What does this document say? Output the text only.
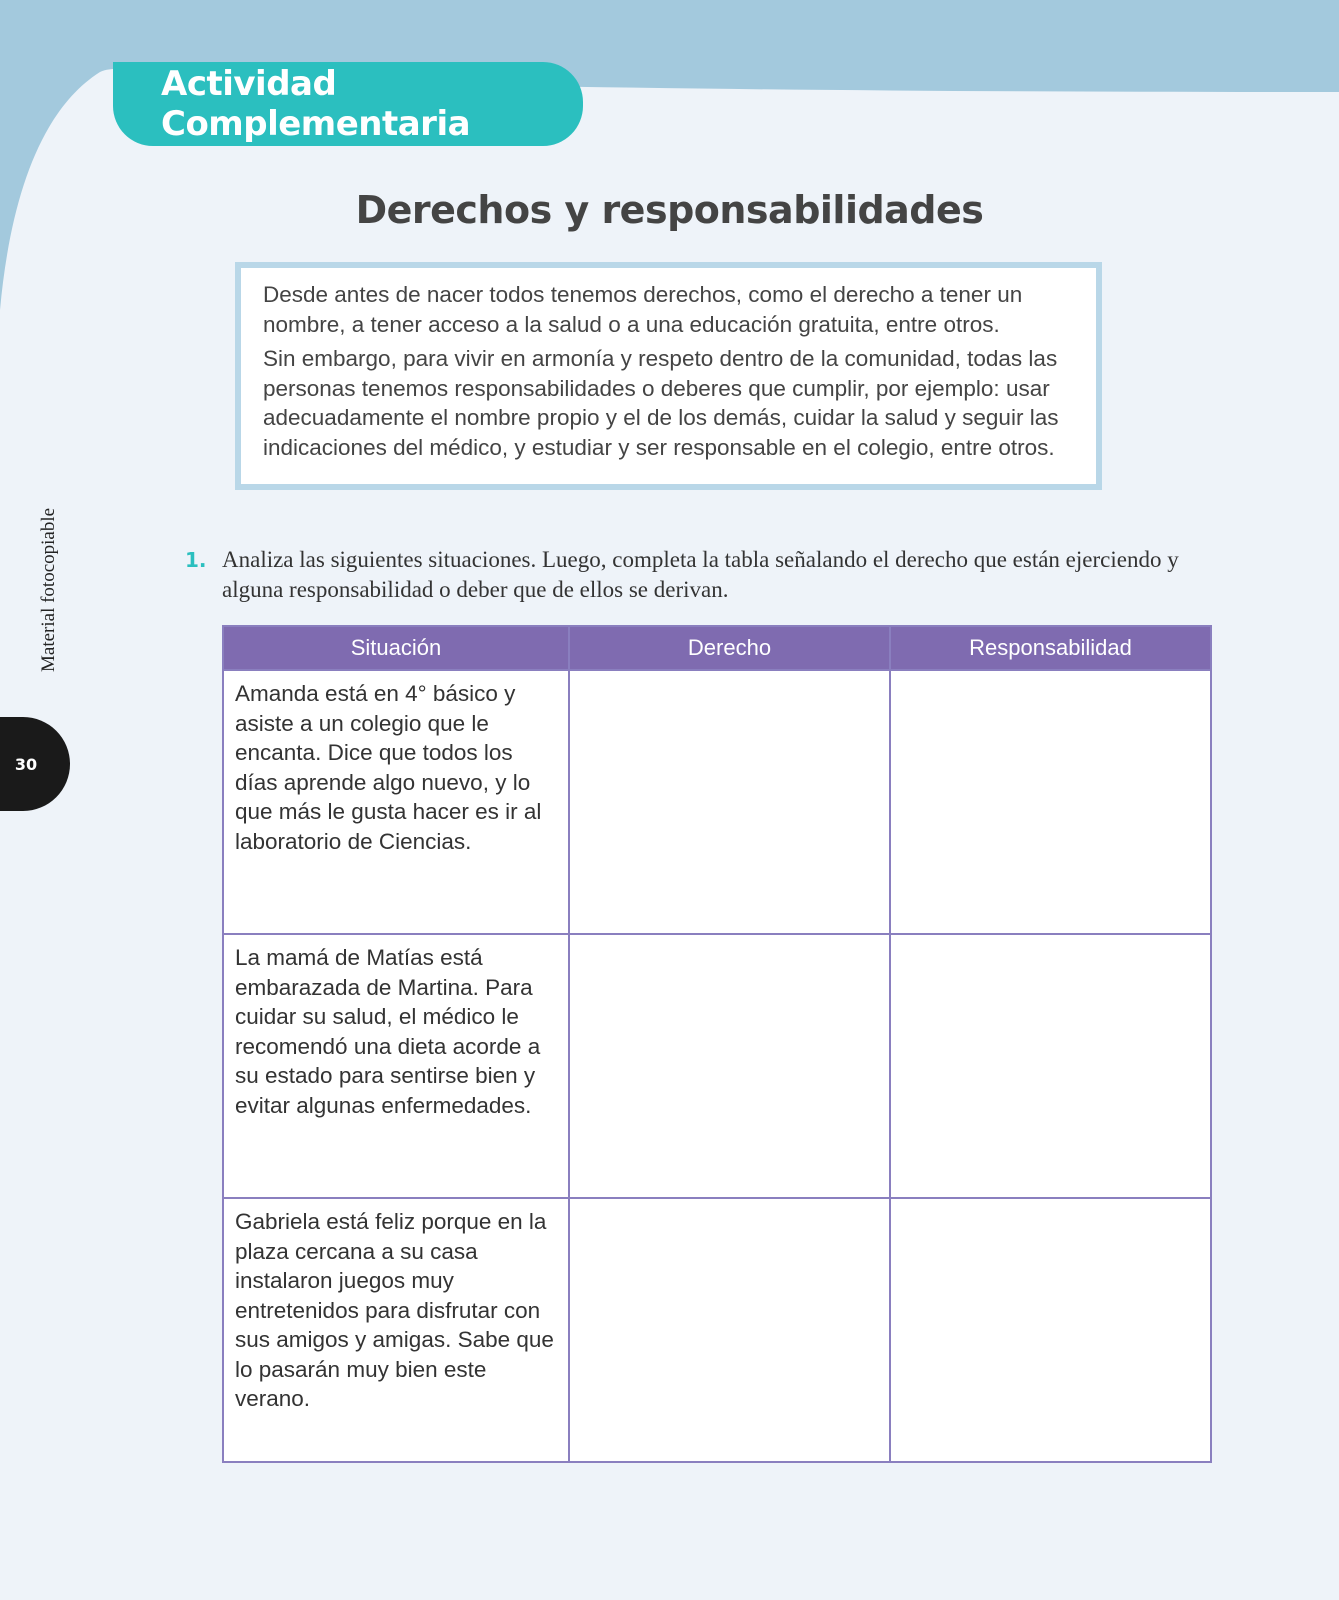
Actividad Complementaria
Derechos y responsabilidades

Desde antes de nacer todos tenemos derechos, como el derecho a tener un nombre, a tener acceso a la salud o a una educación gratuita, entre otros.

Sin embargo, para vivir en armonía y respeto dentro de la comunidad, todas las personas tenemos responsabilidades o deberes que cumplir, por ejemplo: usar adecuadamente el nombre propio y el de los demás, cuidar la salud y seguir las indicaciones del médico, y estudiar y ser responsable en el colegio, entre otros.

Material fotocopiable
30
1. Analiza las siguientes situaciones. Luego, completa la tabla señalando el derecho que están ejerciendo y alguna responsabilidad o deber que de ellos se derivan.
Situación	Derecho	Responsabilidad
Amanda está en 4° básico y asiste a un colegio que le encanta. Dice que todos los días aprende algo nuevo, y lo que más le gusta hacer es ir al laboratorio de Ciencias.		
La mamá de Matías está embarazada de Martina. Para cuidar su salud, el médico le recomendó una dieta acorde a su estado para sentirse bien y evitar algunas enfermedades.		
Gabriela está feliz porque en la plaza cercana a su casa instalaron juegos muy entretenidos para disfrutar con sus amigos y amigas. Sabe que lo pasarán muy bien este verano.		
